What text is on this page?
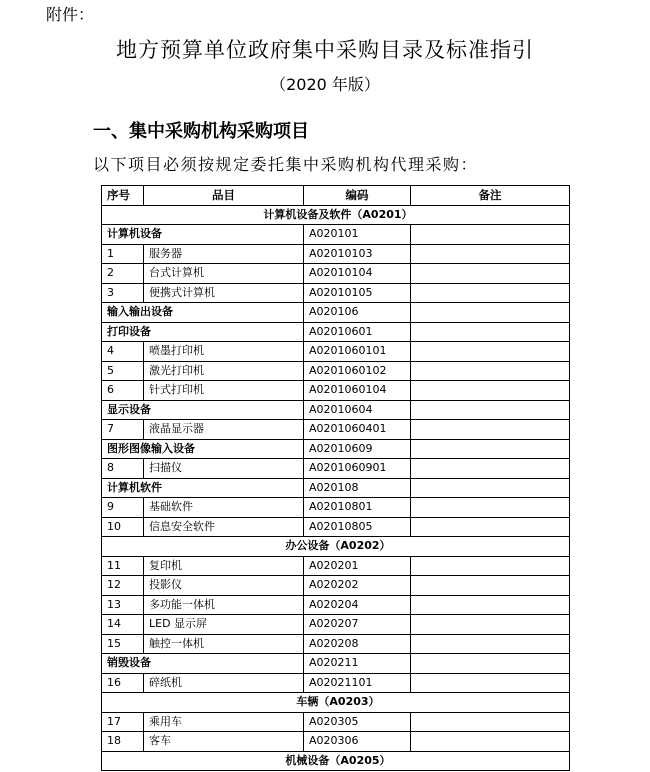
附件：
地方预算单位政府集中采购目录及标准指引
（2020 年版）
一、集中采购机构采购项目
以下项目必须按规定委托集中采购机构代理采购：
序号	品目	编码	备注
计算机设备及软件（A0201）			
计算机设备		A020101	
1	服务器	A02010103	
2	台式计算机	A02010104	
3	便携式计算机	A02010105	
输入输出设备		A020106	
打印设备		A02010601	
4	喷墨打印机	A0201060101	
5	激光打印机	A0201060102	
6	针式打印机	A0201060104	
显示设备		A02010604	
7	液晶显示器	A0201060401	
图形图像输入设备		A02010609	
8	扫描仪	A0201060901	
计算机软件		A020108	
9	基础软件	A02010801	
10	信息安全软件	A02010805	
办公设备（A0202）			
11	复印机	A020201	
12	投影仪	A020202	
13	多功能一体机	A020204	
14	LED 显示屏	A020207	
15	触控一体机	A020208	
销毁设备		A020211	
16	碎纸机	A02021101	
车辆（A0203）			
17	乘用车	A020305	
18	客车	A020306	
机械设备（A0205）			
